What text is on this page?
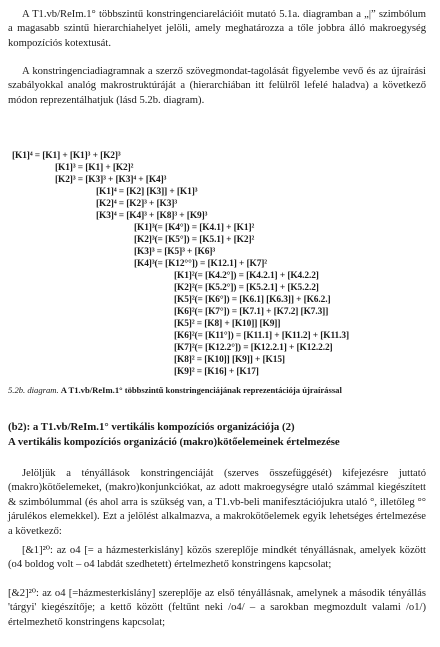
A T1.vb/ReIm.1° többszintű konstringenciarelációit mutató 5.1a. diagramban a „|” szimbólum a magasabb szintű hierarchiahelyet jelöli, amely meghatározza a tőle jobbra álló makroegység kompozíciós kotextusát.
A konstringenciadiagramnak a szerző szövegmondat-tagolását figyelembe vevő és az újraírási szabályokkal analóg makrostruktúráját a (hierarchiában itt felülről lefelé haladva) a következő módon reprezentálhatjuk (lásd 5.2b. diagram).
[K1]⁴ = [K1] + [K1]³ + [K2]³
[K1]³ = [K1] + [K2]²
[K2]³ = [K3]³ + [K3]⁴ + [K4]³
[K1]⁴ = [K2] [K3]] + [K1]³
[K2]⁴ = [K2]³ + [K3]³
[K3]⁴ = [K4]³ + [K8]³ + [K9]³
[K1]³(= [K4°]) = [K4.1] + [K1]²
[K2]³(= [K5°]) = [K5.1] + [K2]²
[K3]³ = [K5]³ + [K6]³
[K4]³(= [K12°°]) = [K12.1] + [K7]²
[K1]²(= [K4.2°]) = [K4.2.1] + [K4.2.2]
[K2]²(= [K5.2°]) = [K5.2.1] + [K5.2.2]
[K5]²(= [K6°]) = [K6.1] [K6.3]] + [K6.2.]
[K6]²(= [K7°]) = [K7.1] + [K7.2] [K7.3]]
[K5]² = [K8] + [K10]] [K9]]
[K6]²(= [K11°]) = [K11.1] + [K11.2] + [K11.3]
[K7]²(= [K12.2°]) = [K12.2.1] + [K12.2.2]
[K8]² = [K10]] [K9]] + [K15]
[K9]² = [K16] + [K17]
5.2b. diagram. A T1.vb/ReIm.1° többszintű konstringenciájának reprezentációja újraírással
(b2): a T1.vb/ReIm.1° vertikális kompozíciós organizációja (2)
A vertikális kompozíciós organizáció (makro)kötőelemeinek értelmezése
Jelöljük a tényállások konstringenciáját (szerves összefüggését) kifejezésre juttató (makro)kötőelemeket, (makro)konjunkciókat, az adott makroegységre utaló számmal kiegészített & szimbólummal (és ahol arra is szükség van, a T1.vb-beli manifesztációjukra utaló °, illetőleg °° járulékos elemekkel). Ezt a jelölést alkalmazva, a makrokötőelemek egyik lehetséges értelmezése a következő:
[&1]²⁰: az o4 [= a házmesterkislány] közös szereplője mindkét tényállásnak, amelyek között (o4 boldog volt – o4 labdát szedhetett) értelmezhető konstringens kapcsolat;
[&2]²⁰: az o4 [=házmesterkislány] szereplője az első tényállásnak, amelynek a második tényállás 'tárgyi' kiegészítője; a kettő között (feltűnt neki /o4/ – a sarokban megmozdult valami /o1/) értelmezhető konstringens kapcsolat;
